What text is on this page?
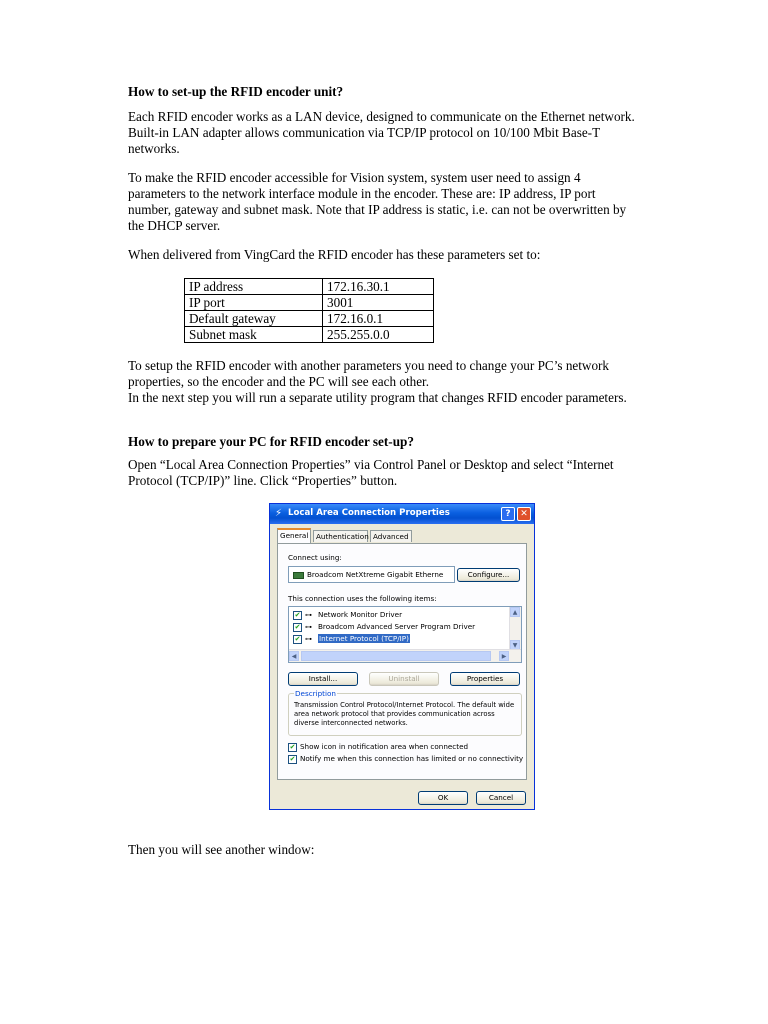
How to set-up the RFID encoder unit?
Each RFID encoder works as a LAN device, designed to communicate on the Ethernet network.
Built-in LAN adapter allows communication via TCP/IP protocol on 10/100 Mbit Base-T
networks.
To make the RFID encoder accessible for Vision system, system user need to assign 4
parameters to the network interface module in the encoder. These are: IP address, IP port
number, gateway and subnet mask. Note that IP address is static, i.e. can not be overwritten by
the DHCP server.
When delivered from VingCard the RFID encoder has these parameters set to:
IP address	172.16.30.1
IP port	3001
Default gateway	172.16.0.1
Subnet mask	255.255.0.0
To setup the RFID encoder with another parameters you need to change your PC’s network
properties, so the encoder and the PC will see each other.
In the next step you will run a separate utility program that changes RFID encoder parameters.
How to prepare your PC for RFID encoder set-up?
Open “Local Area Connection Properties” via Control Panel or Desktop and select “Internet
Protocol (TCP/IP)” line. Click “Properties” button.
Then you will see another window:
⚡ Local Area Connection Properties	?	✕
General	Authentication Advanced
Connect using:
Broadcom NetXtreme Gigabit Etherne	Configure...
This connection uses the following items:
✔ ⊶ Network Monitor Driver
✔ ⊶ Broadcom Advanced Server Program Driver
✔ ⊶ Internet Protocol (TCP/IP)
▲
▼
◀	▶
Install...	Uninstall	Properties
Description
Transmission Control Protocol/Internet Protocol. The default wide area network protocol that provides communication across diverse interconnected networks.
✔ Show icon in notification area when connected
✔ Notify me when this connection has limited or no connectivity
OK	Cancel
